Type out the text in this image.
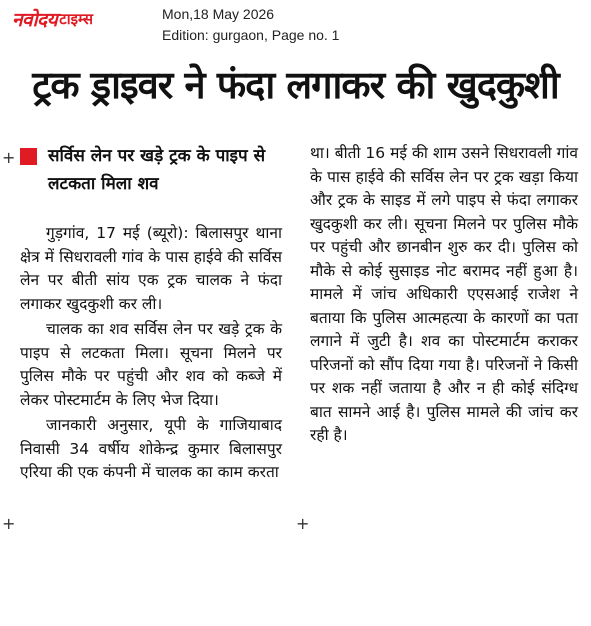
नवोदय टाइम्स	Mon,18 May 2026
Edition: gurgaon, Page no. 1
ट्रक ड्राइवर ने फंदा लगाकर की खुदकुशी
+ सर्विस लेन पर खड़े ट्रक के पाइप से लटकता मिला शव
+	+

गुड़गांव, 17 मई (ब्यूरो): बिलासपुर थाना क्षेत्र में सिधरावली गांव के पास हाईवे की सर्विस लेन पर बीती सांय एक ट्रक चालक ने फंदा लगाकर खुदकुशी कर ली।

चालक का शव सर्विस लेन पर खड़े ट्रक के पाइप से लटकता मिला। सूचना मिलने पर पुलिस मौके पर पहुंची और शव को कब्जे में लेकर पोस्टमार्टम के लिए भेज दिया।

जानकारी अनुसार, यूपी के गाजियाबाद निवासी 34 वर्षीय शोकेन्द्र कुमार बिलासपुर एरिया की एक कंपनी में चालक का काम करता

था। बीती 16 मई की शाम उसने सिधरावली गांव के पास हाईवे की सर्विस लेन पर ट्रक खड़ा किया और ट्रक के साइड में लगे पाइप से फंदा लगाकर खुदकुशी कर ली। सूचना मिलने पर पुलिस मौके पर पहुंची और छानबीन शुरु कर दी। पुलिस को मौके से कोई सुसाइड नोट बरामद नहीं हुआ है। मामले में जांच अधिकारी एएसआई राजेश ने बताया कि पुलिस आत्महत्या के कारणों का पता लगाने में जुटी है। शव का पोस्टमार्टम कराकर परिजनों को सौंप दिया गया है। परिजनों ने किसी पर शक नहीं जताया है और न ही कोई संदिग्ध बात सामने आई है। पुलिस मामले की जांच कर रही है।
